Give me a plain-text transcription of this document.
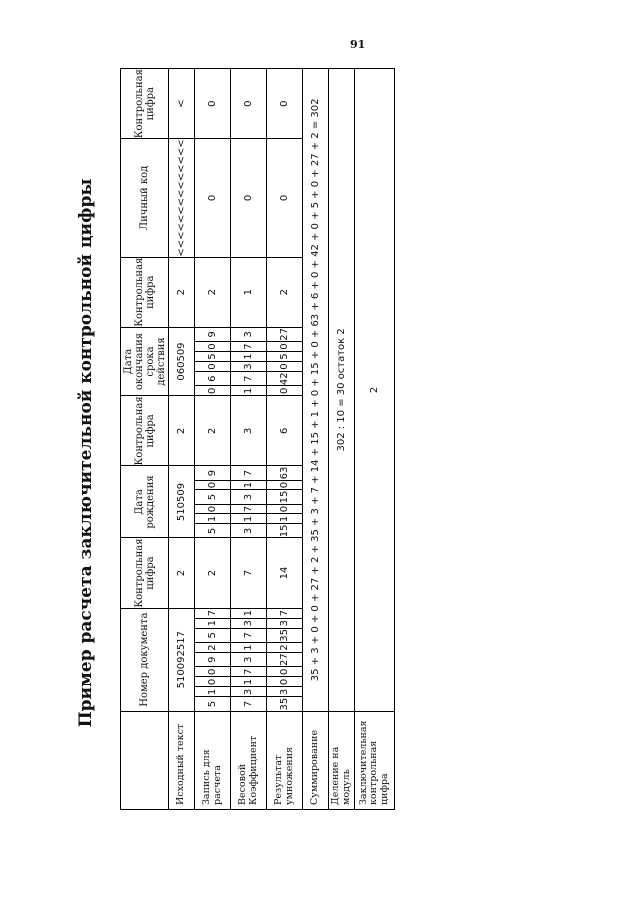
91
Пример расчета заключительной контрольной цифры
		Номер документа									Контрольная цифра	Дата рождения						Контрольная цифра	Дата окончания срока действия						Контрольная цифра	Личный код	Контрольная цифра
Исходный текст	510092517									2	510509						2	060509						2	<<<<<<<<<<<<<<	<
Запись для расчета	5	1	0	0	9	2	5	1	7	2	5	1	0	5	0	9	2	0	6	0	5	0	9	2	0	0
Весовой Коэффициент	7	3	1	7	3	1	7	3	1	7	3	1	7	3	1	7	3	1	7	3	1	7	3	1	0	0
Результат умножения	35	3	0	0	27	2	35	3	7	14	15	1	0	15	0	63	6	0	42	0	5	0	27	2	0	0
Суммирование	35 + 3 + 0 + 0 + 27 + 2 + 35 + 3 + 7 + 14 + 15 + 1 + 0 + 15 + 0 + 63 + 6 + 0 + 42 + 0 + 5 + 0 + 27 + 2 = 302																									
Деление на модуль	302 : 10 = 30 остаток 2																									
Заключительная контрольная цифра	2																									
